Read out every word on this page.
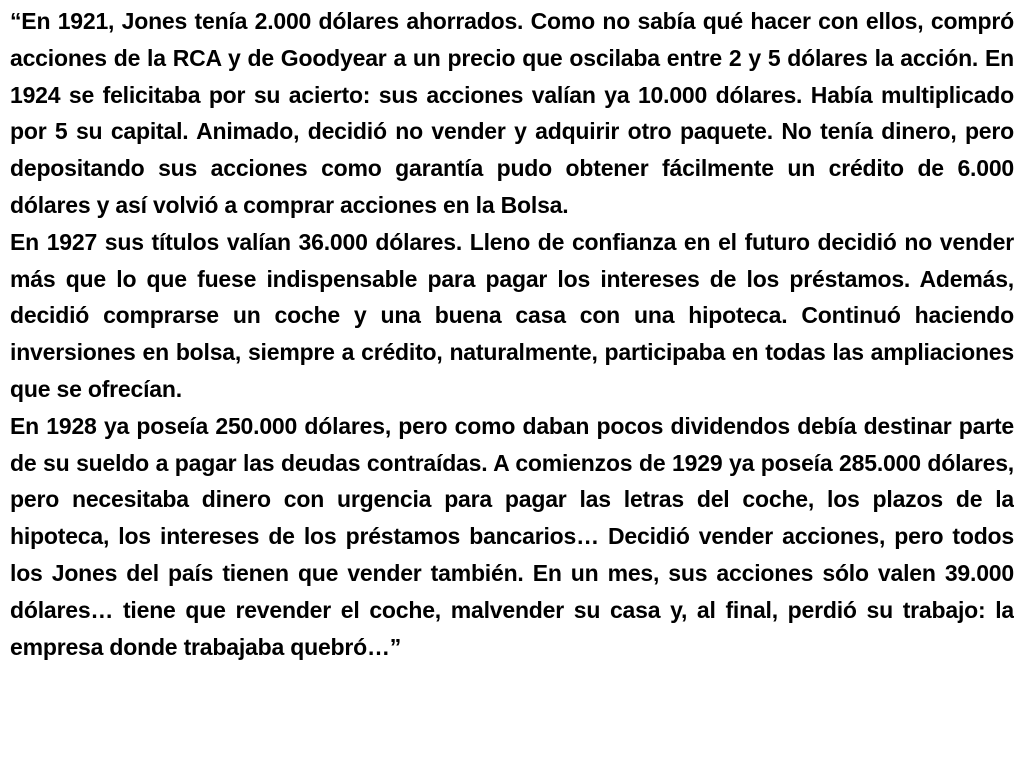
“En 1921, Jones tenía 2.000 dólares ahorrados. Como no sabía qué hacer con ellos, compró acciones de la RCA y de Goodyear a un precio que oscilaba entre 2 y 5 dólares la acción. En 1924 se felicitaba por su acierto: sus acciones valían ya 10.000 dólares. Había multiplicado por 5 su capital. Animado, decidió no vender y adquirir otro paquete. No tenía dinero, pero depositando sus acciones como garantía pudo obtener fácilmente un crédito de 6.000 dólares y así volvió a comprar acciones en la Bolsa.

En 1927 sus títulos valían 36.000 dólares. Lleno de confianza en el futuro decidió no vender más que lo que fuese indispensable para pagar los intereses de los préstamos. Además, decidió comprarse un coche y una buena casa con una hipoteca. Continuó haciendo inversiones en bolsa, siempre a crédito, naturalmente, participaba en todas las ampliaciones que se ofrecían.

En 1928 ya poseía 250.000 dólares, pero como daban pocos dividendos debía destinar parte de su sueldo a pagar las deudas contraídas. A comienzos de 1929 ya poseía 285.000 dólares, pero necesitaba dinero con urgencia para pagar las letras del coche, los plazos de la hipoteca, los intereses de los préstamos bancarios… Decidió vender acciones, pero todos los Jones del país tienen que vender también. En un mes, sus acciones sólo valen 39.000 dólares… tiene que revender el coche, malvender su casa y, al final, perdió su trabajo: la empresa donde trabajaba quebró…”
